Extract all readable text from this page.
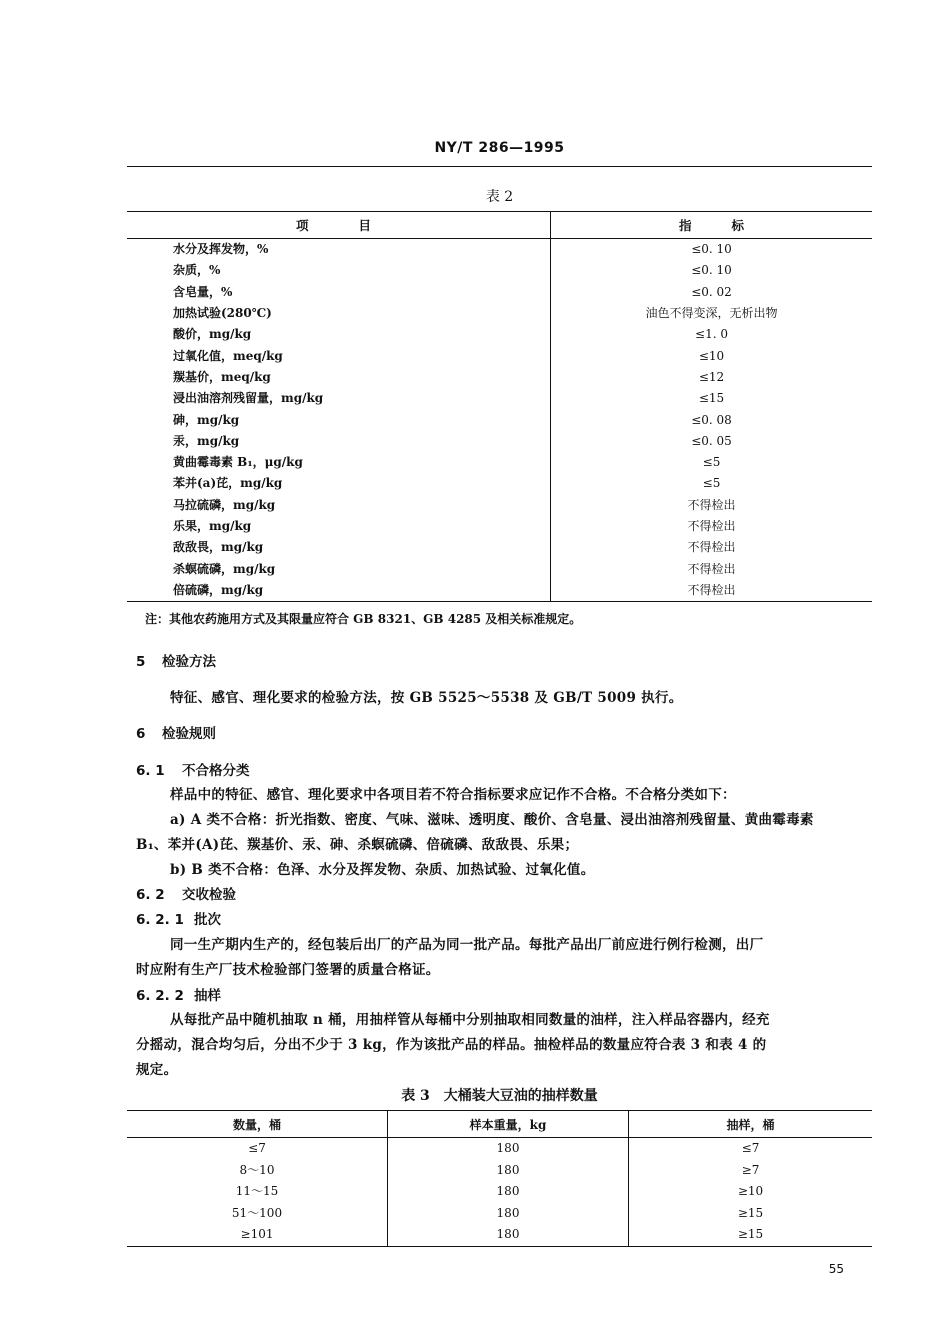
NY/T 286—1995
表 2
项目	指标
水分及挥发物，%	≤0. 10
杂质，%	≤0. 10
含皂量，%	≤0. 02
加热试验(280℃)	油色不得变深，无析出物
酸价，mg/kg	≤1. 0
过氧化值，meq/kg	≤10
羰基价，meq/kg	≤12
浸出油溶剂残留量，mg/kg	≤15
砷，mg/kg	≤0. 08
汞，mg/kg	≤0. 05
黄曲霉毒素 B₁，μg/kg	≤5
苯并(a)芘，mg/kg	≤5
马拉硫磷，mg/kg	不得检出
乐果，mg/kg	不得检出
敌敌畏，mg/kg	不得检出
杀螟硫磷，mg/kg	不得检出
倍硫磷，mg/kg	不得检出
注：其他农药施用方式及其限量应符合 GB 8321、GB 4285 及相关标准规定。
5 检验方法
特征、感官、理化要求的检验方法，按 GB 5525～5538 及 GB/T 5009 执行。
6 检验规则
6. 1 不合格分类
样品中的特征、感官、理化要求中各项目若不符合指标要求应记作不合格。不合格分类如下：
a) A 类不合格：折光指数、密度、气味、滋味、透明度、酸价、含皂量、浸出油溶剂残留量、黄曲霉毒素
B₁、苯并(A)芘、羰基价、汞、砷、杀螟硫磷、倍硫磷、敌敌畏、乐果；
b) B 类不合格：色泽、水分及挥发物、杂质、加热试验、过氧化值。
6. 2 交收检验
6. 2. 1 批次
同一生产期内生产的，经包装后出厂的产品为同一批产品。每批产品出厂前应进行例行检测，出厂
时应附有生产厂技术检验部门签署的质量合格证。
6. 2. 2 抽样
从每批产品中随机抽取 n 桶，用抽样管从每桶中分别抽取相同数量的油样，注入样品容器内，经充
分摇动，混合均匀后，分出不少于 3 kg，作为该批产品的样品。抽检样品的数量应符合表 3 和表 4 的
规定。
表 3　大桶装大豆油的抽样数量
数量，桶	样本重量，kg	抽样，桶
≤7	180	≤7
8～10	180	≥7
11～15	180	≥10
51～100	180	≥15
≥101	180	≥15
55
